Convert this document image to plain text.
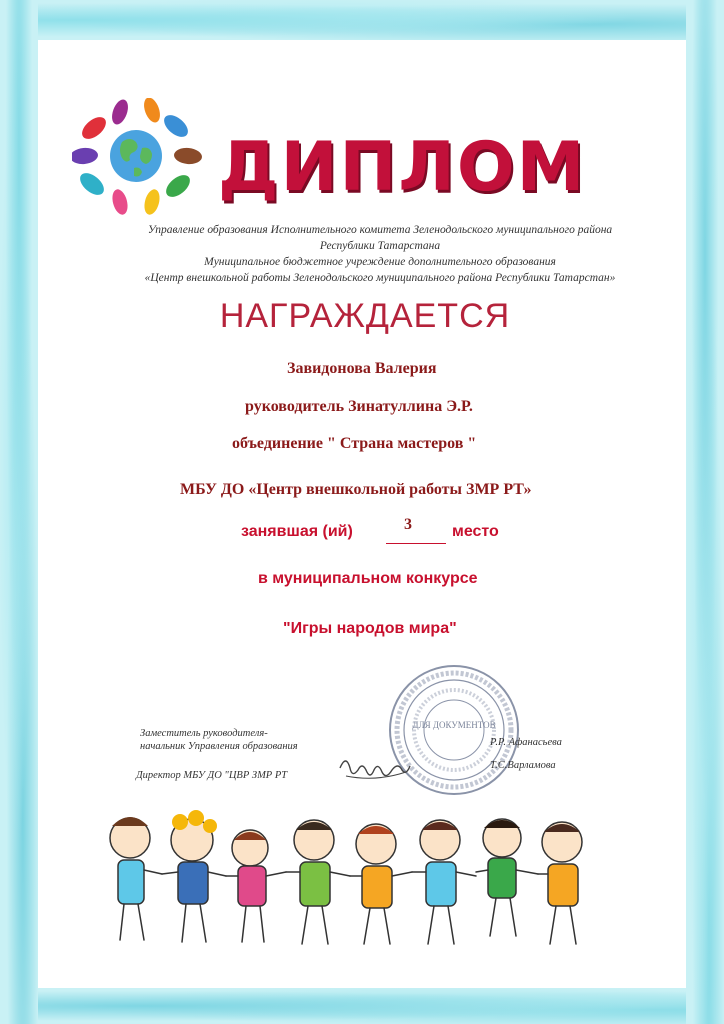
ДИПЛОМ
Управление образования Исполнительного комитета Зеленодольского муниципального района
Республики Татарстана
Муниципальное бюджетное учреждение дополнительного образования
«Центр внешкольной работы Зеленодольского муниципального района Республики Татарстан»
НАГРАЖДАЕТСЯ
Завидонова Валерия
руководитель Зинатуллина Э.Р.
объединение " Страна мастеров "
МБУ ДО «Центр внешкольной работы ЗМР РТ»
занявшая (ий)	3	место
в муниципальном конкурсе
"Игры народов мира"
ДЛЯ ДОКУМЕНТОВ
Заместитель руководителя-
начальник Управления образования	Р.Р. Афанасьева
Директор МБУ ДО "ЦВР ЗМР РТ
Т.С.Варламова
